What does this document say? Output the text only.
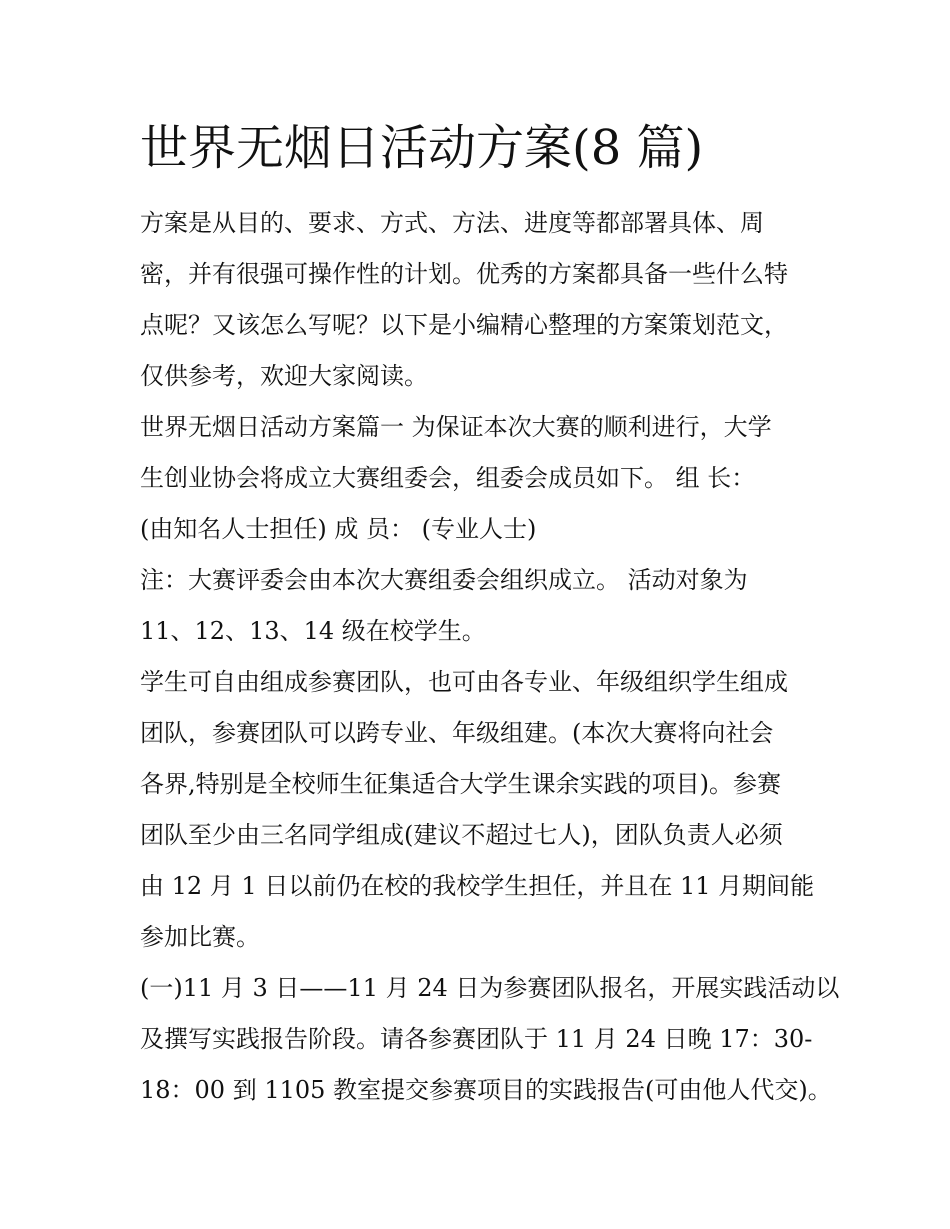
世界无烟日活动方案(8 篇)
方案是从目的、要求、方式、方法、进度等都部署具体、周
密，并有很强可操作性的计划。优秀的方案都具备一些什么特
点呢？又该怎么写呢？以下是小编精心整理的方案策划范文，
仅供参考，欢迎大家阅读。
世界无烟日活动方案篇一 为保证本次大赛的顺利进行，大学
生创业协会将成立大赛组委会，组委会成员如下。 组 长：
(由知名人士担任) 成 员： (专业人士)
注：大赛评委会由本次大赛组委会组织成立。 活动对象为
11、12、13、14 级在校学生。
学生可自由组成参赛团队，也可由各专业、年级组织学生组成
团队，参赛团队可以跨专业、年级组建。(本次大赛将向社会
各界,特别是全校师生征集适合大学生课余实践的项目)。参赛
团队至少由三名同学组成(建议不超过七人)，团队负责人必须
由 12 月 1 日以前仍在校的我校学生担任，并且在 11 月期间能
参加比赛。
(一)11 月 3 日——11 月 24 日为参赛团队报名，开展实践活动以
及撰写实践报告阶段。请各参赛团队于 11 月 24 日晚 17：30-
18：00 到 1105 教室提交参赛项目的实践报告(可由他人代交)。
